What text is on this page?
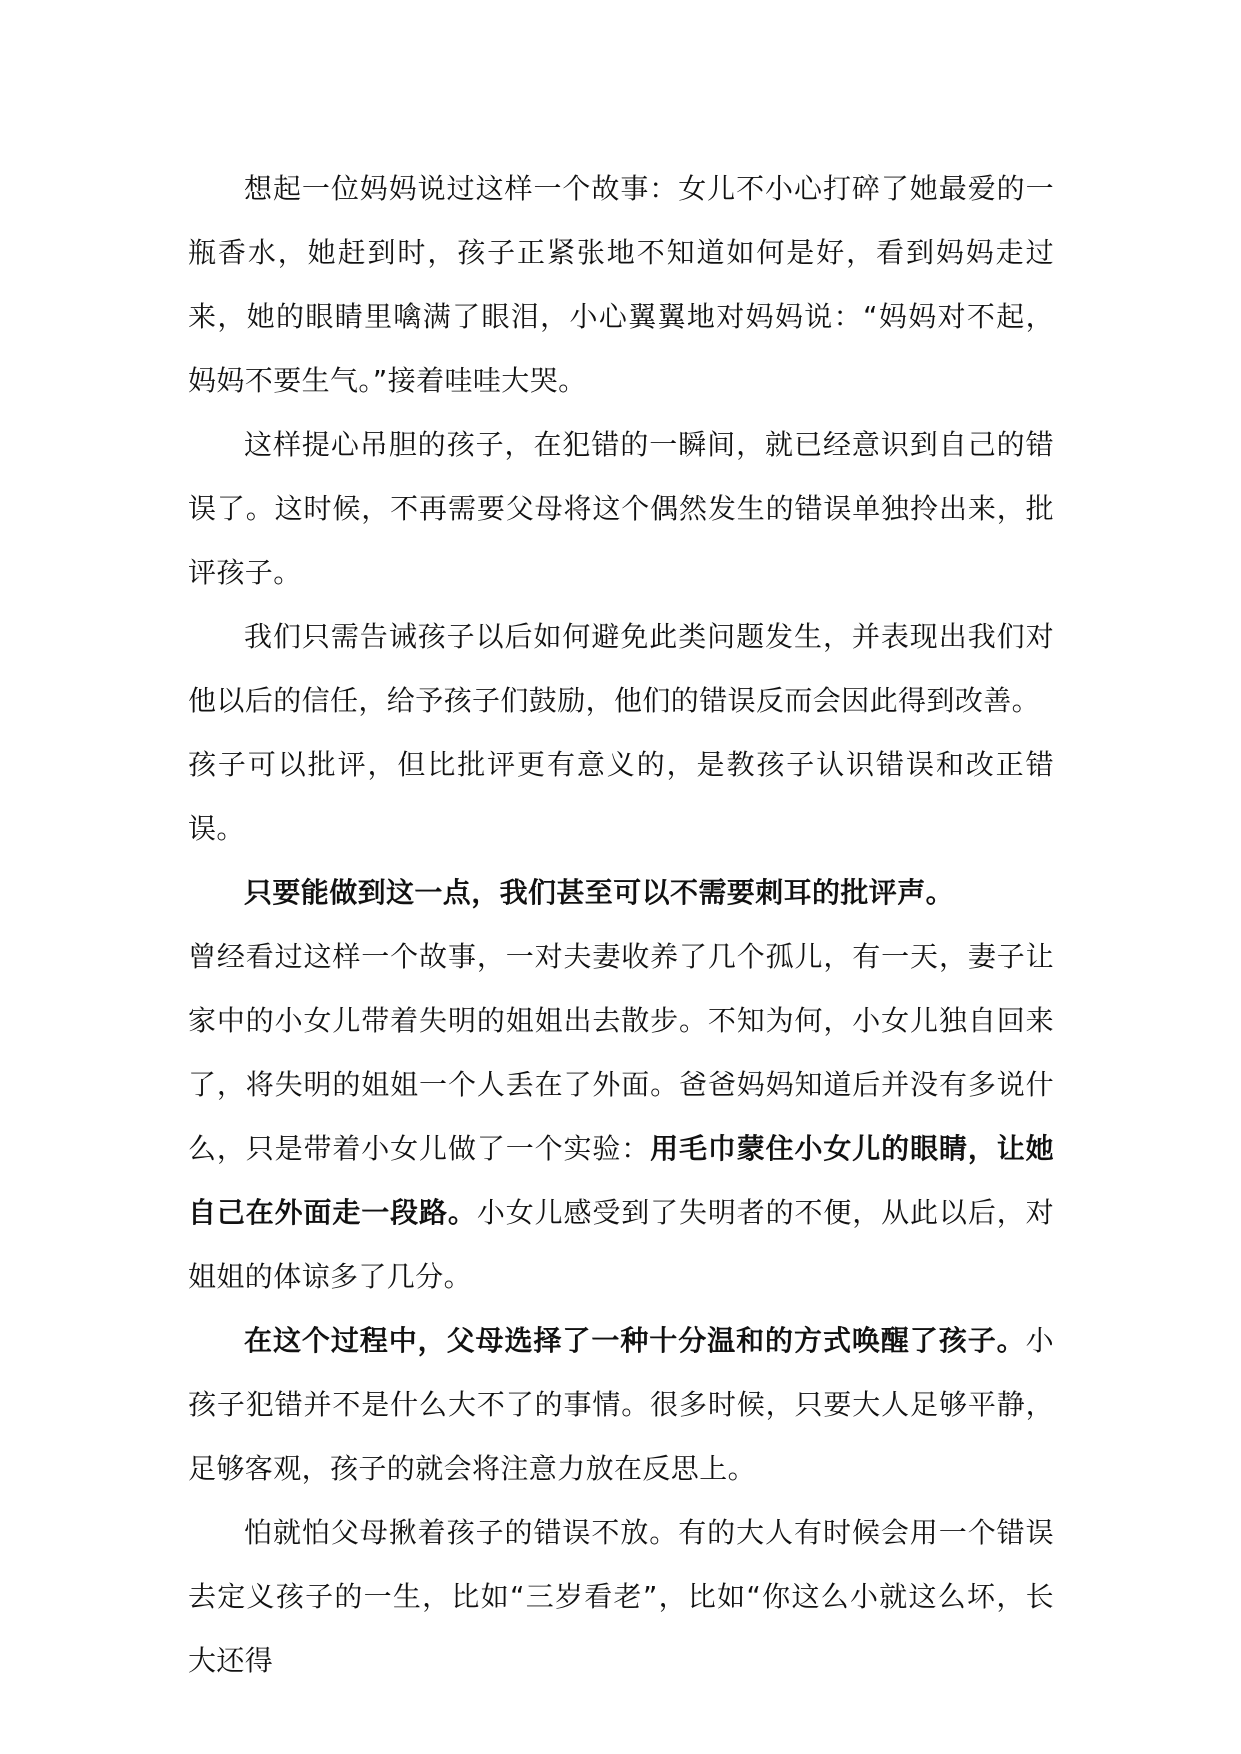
想起一位妈妈说过这样一个故事：女儿不小心打碎了她最爱的一瓶香水，她赶到时，孩子正紧张地不知道如何是好，看到妈妈走过来，她的眼睛里噙满了眼泪，小心翼翼地对妈妈说：“妈妈对不起，妈妈不要生气。”接着哇哇大哭。

这样提心吊胆的孩子，在犯错的一瞬间，就已经意识到自己的错误了。这时候，不再需要父母将这个偶然发生的错误单独拎出来，批评孩子。

我们只需告诫孩子以后如何避免此类问题发生，并表现出我们对他以后的信任，给予孩子们鼓励，他们的错误反而会因此得到改善。

孩子可以批评，但比批评更有意义的，是教孩子认识错误和改正错误。

只要能做到这一点，我们甚至可以不需要刺耳的批评声。

曾经看过这样一个故事，一对夫妻收养了几个孤儿，有一天，妻子让家中的小女儿带着失明的姐姐出去散步。不知为何，小女儿独自回来了，将失明的姐姐一个人丢在了外面。爸爸妈妈知道后并没有多说什么，只是带着小女儿做了一个实验：用毛巾蒙住小女儿的眼睛，让她自己在外面走一段路。小女儿感受到了失明者的不便，从此以后，对姐姐的体谅多了几分。

在这个过程中，父母选择了一种十分温和的方式唤醒了孩子。小孩子犯错并不是什么大不了的事情。很多时候，只要大人足够平静，足够客观，孩子的就会将注意力放在反思上。

怕就怕父母揪着孩子的错误不放。有的大人有时候会用一个错误去定义孩子的一生，比如“三岁看老”，比如“你这么小就这么坏，长大还得
